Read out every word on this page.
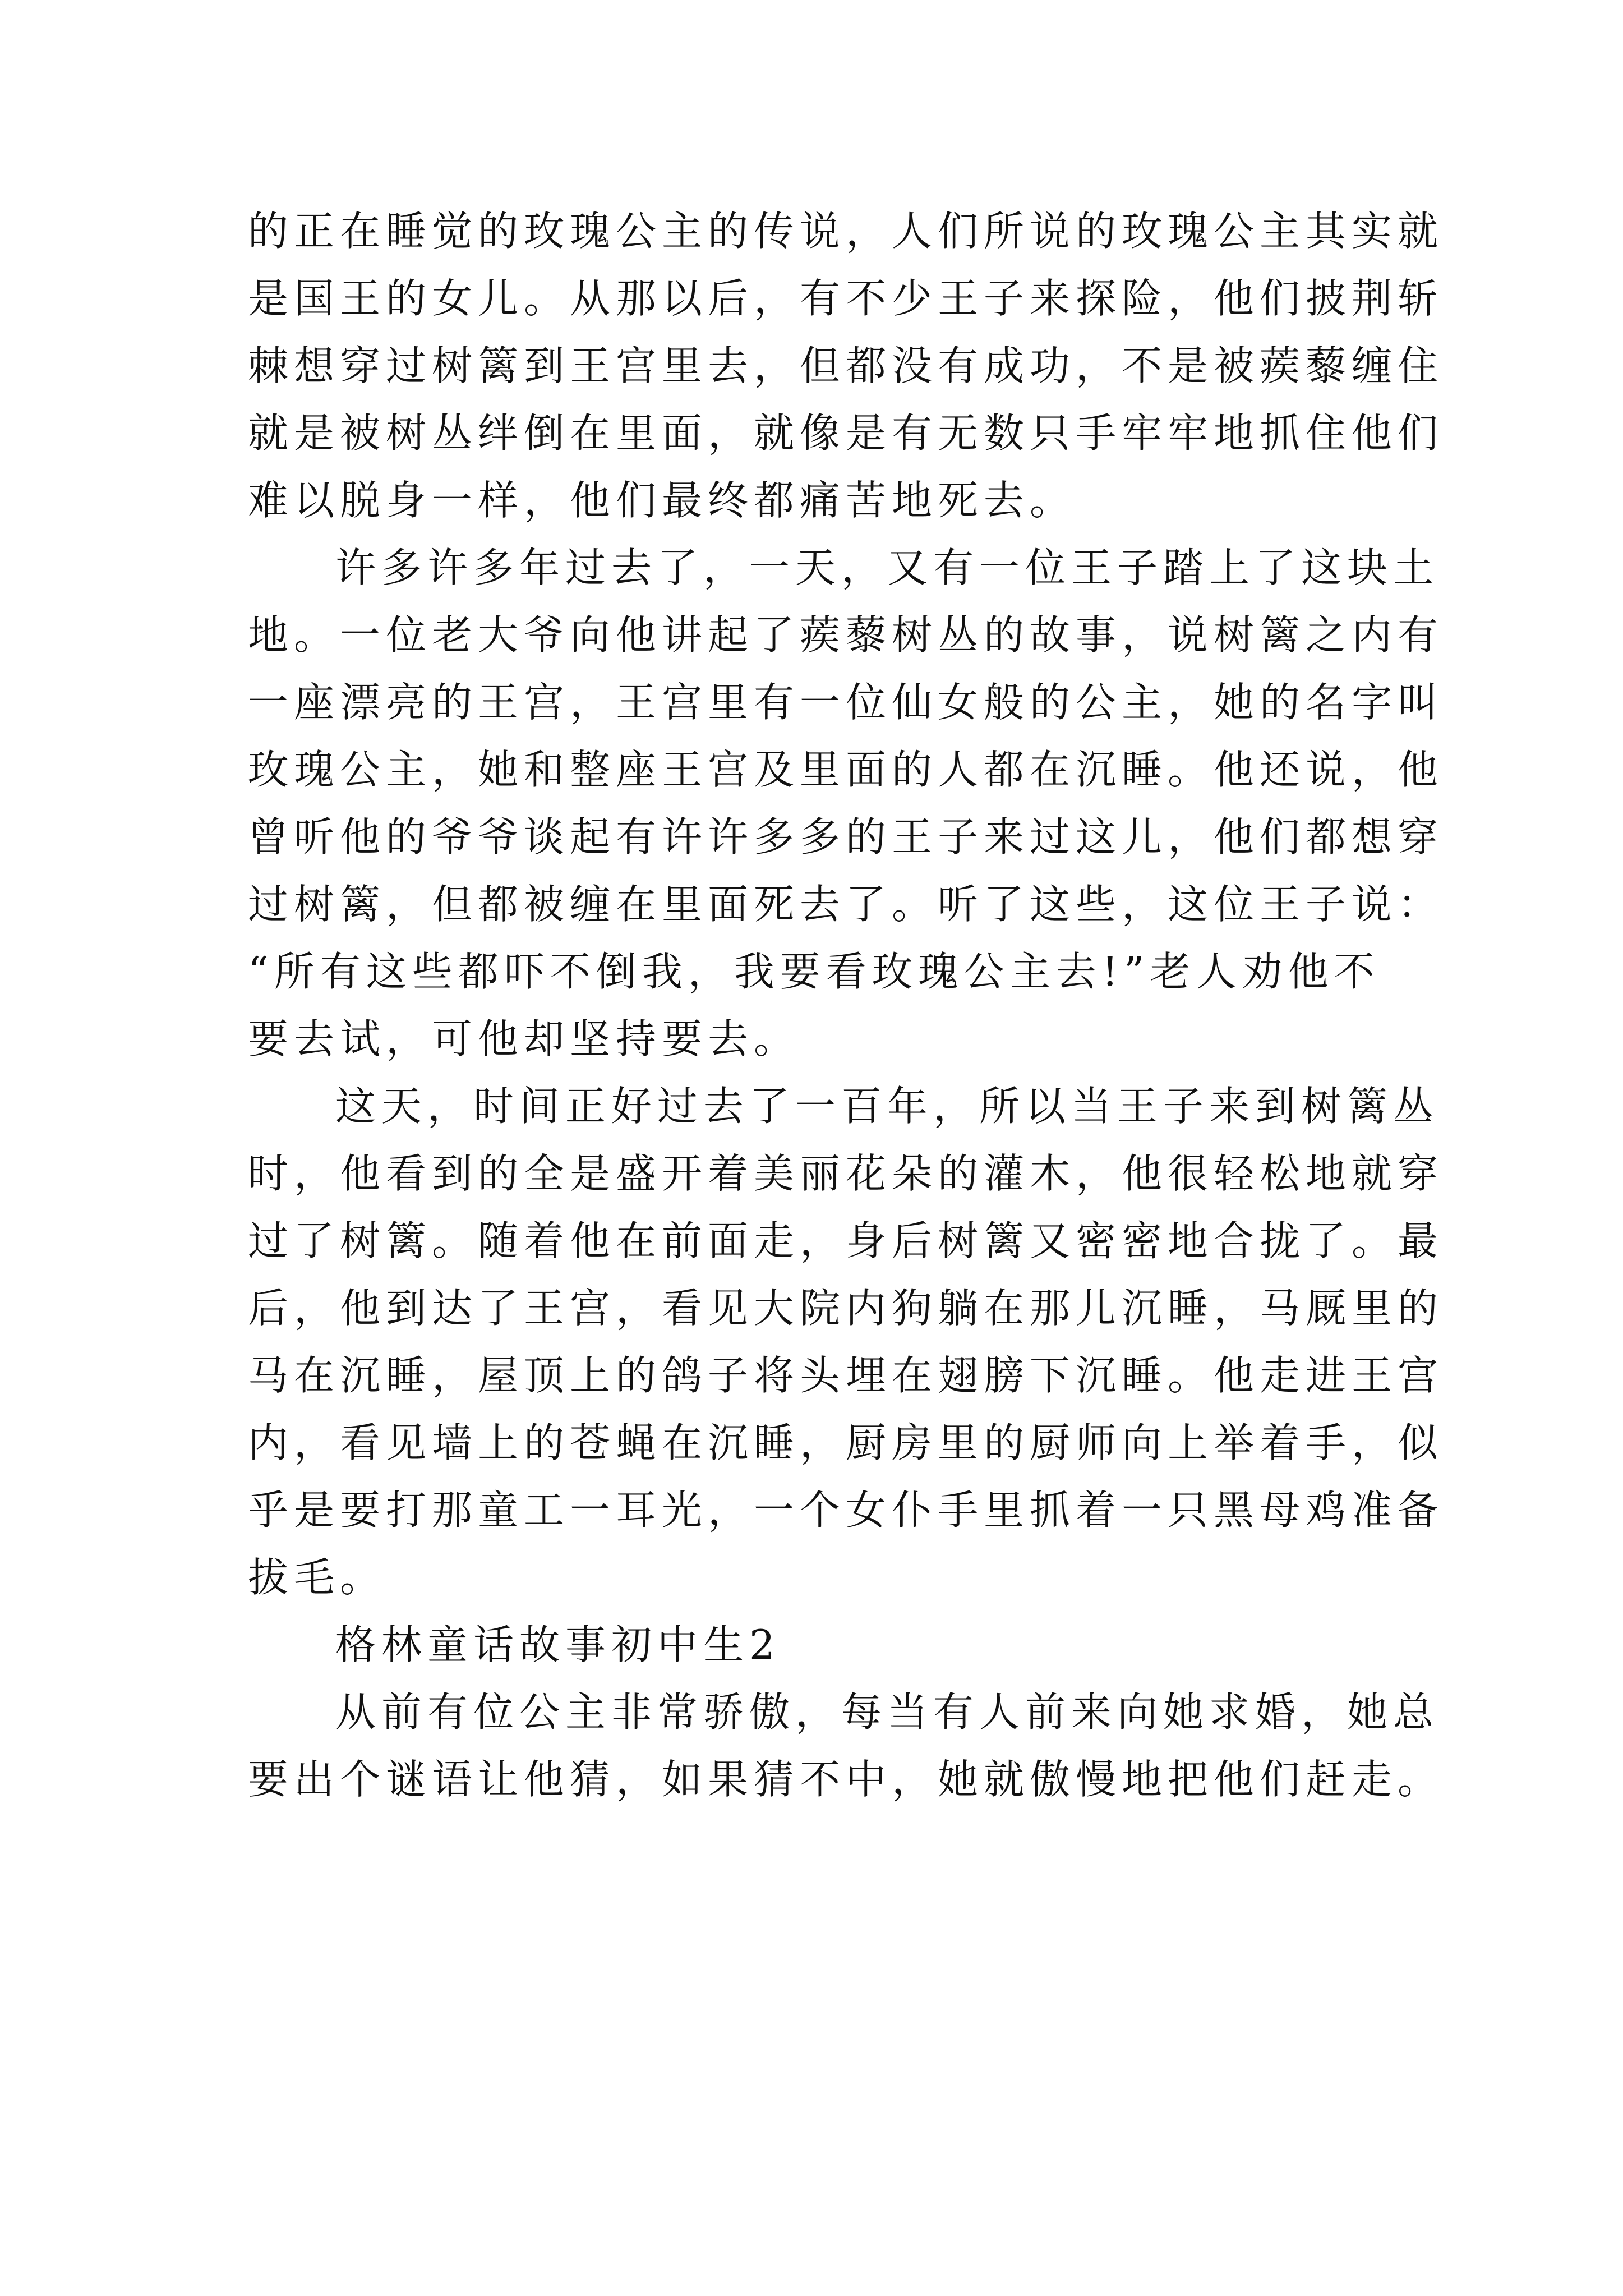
的正在睡觉的玫瑰公主的传说，人们所说的玫瑰公主其实就
是国王的女儿。从那以后，有不少王子来探险，他们披荆斩
棘想穿过树篱到王宫里去，但都没有成功，不是被蒺藜缠住
就是被树丛绊倒在里面，就像是有无数只手牢牢地抓住他们
难以脱身一样，他们最终都痛苦地死去。
许多许多年过去了，一天，又有一位王子踏上了这块土
地。一位老大爷向他讲起了蒺藜树丛的故事，说树篱之内有
一座漂亮的王宫，王宫里有一位仙女般的公主，她的名字叫
玫瑰公主，她和整座王宫及里面的人都在沉睡。他还说，他
曾听他的爷爷谈起有许许多多的王子来过这儿，他们都想穿
过树篱，但都被缠在里面死去了。听了这些，这位王子说：
“所有这些都吓不倒我，我要看玫瑰公主去!”老人劝他不
要去试，可他却坚持要去。
这天，时间正好过去了一百年，所以当王子来到树篱丛
时，他看到的全是盛开着美丽花朵的灌木，他很轻松地就穿
过了树篱。随着他在前面走，身后树篱又密密地合拢了。最
后，他到达了王宫，看见大院内狗躺在那儿沉睡，马厩里的
马在沉睡，屋顶上的鸽子将头埋在翅膀下沉睡。他走进王宫
内，看见墙上的苍蝇在沉睡，厨房里的厨师向上举着手，似
乎是要打那童工一耳光，一个女仆手里抓着一只黑母鸡准备
拔毛。
格林童话故事初中生2
从前有位公主非常骄傲，每当有人前来向她求婚，她总
要出个谜语让他猜，如果猜不中，她就傲慢地把他们赶走。
